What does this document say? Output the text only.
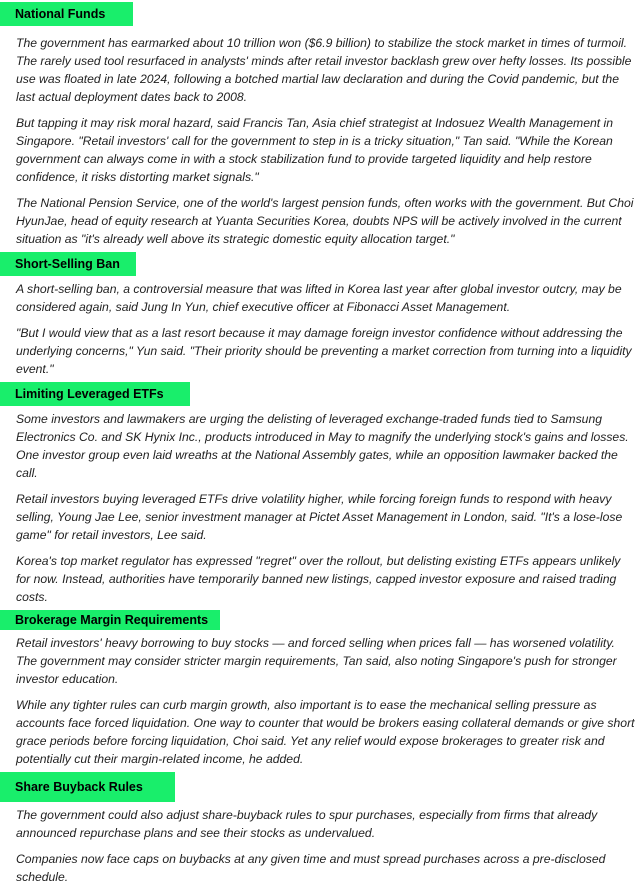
National Funds

The government has earmarked about 10 trillion won ($6.9 billion) to stabilize the stock market in times of turmoil. The rarely used tool resurfaced in analysts' minds after retail investor backlash grew over hefty losses. Its possible use was floated in late 2024, following a botched martial law declaration and during the Covid pandemic, but the last actual deployment dates back to 2008.

But tapping it may risk moral hazard, said Francis Tan, Asia chief strategist at Indosuez Wealth Management in Singapore. "Retail investors' call for the government to step in is a tricky situation," Tan said. "While the Korean government can always come in with a stock stabilization fund to provide targeted liquidity and help restore confidence, it risks distorting market signals."

The National Pension Service, one of the world's largest pension funds, often works with the government. But Choi HyunJae, head of equity research at Yuanta Securities Korea, doubts NPS will be actively involved in the current situation as "it's already well above its strategic domestic equity allocation target."

Short-Selling Ban

A short-selling ban, a controversial measure that was lifted in Korea last year after global investor outcry, may be considered again, said Jung In Yun, chief executive officer at Fibonacci Asset Management.

"But I would view that as a last resort because it may damage foreign investor confidence without addressing the underlying concerns," Yun said. "Their priority should be preventing a market correction from turning into a liquidity event."

Limiting Leveraged ETFs

Some investors and lawmakers are urging the delisting of leveraged exchange-traded funds tied to Samsung Electronics Co. and SK Hynix Inc., products introduced in May to magnify the underlying stock's gains and losses. One investor group even laid wreaths at the National Assembly gates, while an opposition lawmaker backed the call.

Retail investors buying leveraged ETFs drive volatility higher, while forcing foreign funds to respond with heavy selling, Young Jae Lee, senior investment manager at Pictet Asset Management in London, said. "It's a lose-lose game" for retail investors, Lee said.

Korea's top market regulator has expressed "regret" over the rollout, but delisting existing ETFs appears unlikely for now. Instead, authorities have temporarily banned new listings, capped investor exposure and raised trading costs.

Brokerage Margin Requirements

Retail investors' heavy borrowing to buy stocks — and forced selling when prices fall — has worsened volatility. The government may consider stricter margin requirements, Tan said, also noting Singapore's push for stronger investor education.

While any tighter rules can curb margin growth, also important is to ease the mechanical selling pressure as accounts face forced liquidation. One way to counter that would be brokers easing collateral demands or give short grace periods before forcing liquidation, Choi said. Yet any relief would expose brokerages to greater risk and potentially cut their margin-related income, he added.

Share Buyback Rules

The government could also adjust share-buyback rules to spur purchases, especially from firms that already announced repurchase plans and see their stocks as undervalued.

Companies now face caps on buybacks at any given time and must spread purchases across a pre-disclosed schedule.
